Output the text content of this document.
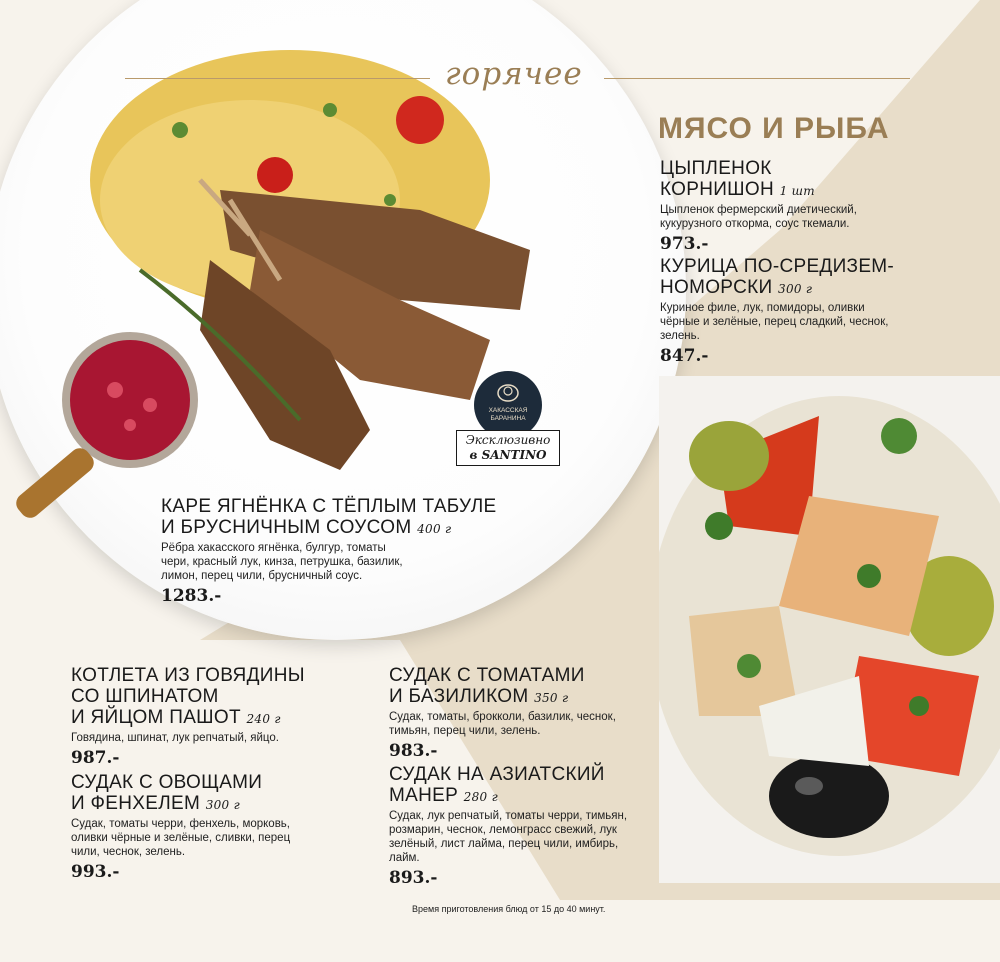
горячее
МЯСО И РЫБА
ХАКАССКАЯ
БАРАНИНА
Эксклюзивно
в SANTINO
ЦЫПЛЕНОК
КОРНИШОН 1 шт
Цыпленок фермерский диетический, кукурузного откорма, соус ткемали.
973.-
КУРИЦА ПО-СРЕДИЗЕМ-
НОМОРСКИ 300 г
Куриное филе, лук, помидоры, оливки чёрные и зелёные, перец сладкий, чеснок, зелень.
847.-
КАРЕ ЯГНЁНКА С ТЁПЛЫМ ТАБУЛЕ
И БРУСНИЧНЫМ СОУСОМ 400 г
Рёбра хакасского ягнёнка, булгур, томаты чери, красный лук, кинза, петрушка, базилик, лимон, перец чили, брусничный соус.
1283.-
КОТЛЕТА ИЗ ГОВЯДИНЫ
СО ШПИНАТОМ
И ЯЙЦОМ ПАШОТ 240 г
Говядина, шпинат, лук репчатый, яйцо.
987.-
СУДАК С ОВОЩАМИ
И ФЕНХЕЛЕМ 300 г
Судак, томаты черри, фенхель, морковь, оливки чёрные и зелёные, сливки, перец чили, чеснок, зелень.
993.-
СУДАК С ТОМАТАМИ
И БАЗИЛИКОМ 350 г
Судак, томаты, брокколи, базилик, чеснок, тимьян, перец чили, зелень.
983.-
СУДАК НА АЗИАТСКИЙ
МАНЕР 280 г
Судак, лук репчатый, томаты черри, тимьян, розмарин, чеснок, лемонграсс свежий, лук зелёный, лист лайма, перец чили, имбирь, лайм.
893.-
Время приготовления блюд от 15 до 40 минут.
